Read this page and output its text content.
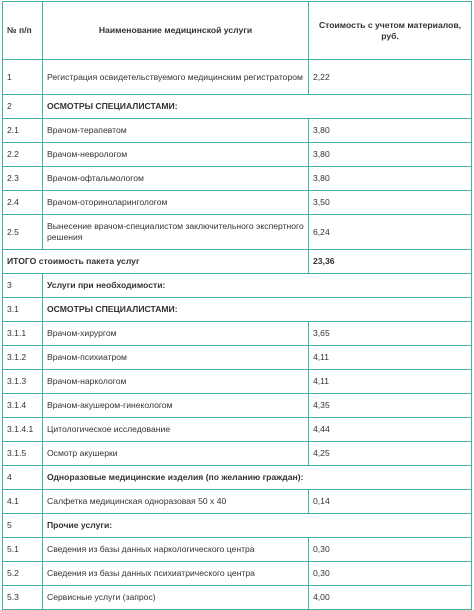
№ п/п	Наименование медицинской услуги	Стоимость с учетом материалов, руб.
1	Регистрация освидетельствуемого медицинским регистратором	2,22
2	ОСМОТРЫ СПЕЦИАЛИСТАМИ:	
2.1	Врачом-терапевтом	3,80
2.2	Врачом-неврологом	3,80
2.3	Врачом-офтальмологом	3,80
2.4	Врачом-оториноларингологом	3,50
2.5	Вынесение врачом-специалистом заключительного экспертного решения	6,24
ИТОГО стоимость пакета услуг		23,36
3	Услуги при необходимости:	
3.1	ОСМОТРЫ СПЕЦИАЛИСТАМИ:	
3.1.1	Врачом-хирургом	3,65
3.1.2	Врачом-психиатром	4,11
3.1.3	Врачом-наркологом	4,11
3.1.4	Врачом-акушером-гинекологом	4,35
3.1.4.1	Цитологическое исследование	4,44
3.1.5	Осмотр акушерки	4,25
4	Одноразовые медицинские изделия (по желанию граждан):	
4.1	Салфетка медицинская одноразовая 50 х 40	0,14
5	Прочие услуги:	
5.1	Сведения из базы данных наркологического центра	0,30
5.2	Сведения из базы данных психиатрического центра	0,30
5.3	Сервисные услуги (запрос)	4,00
